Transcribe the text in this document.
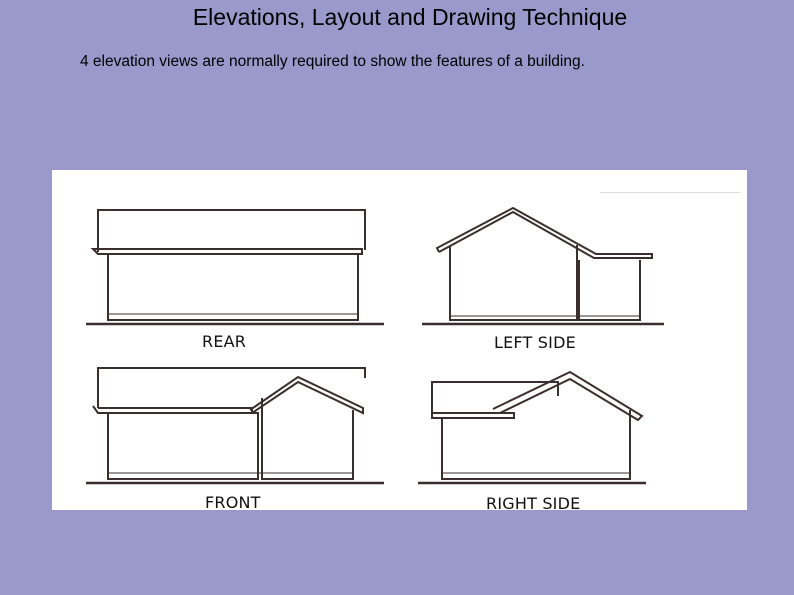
Elevations, Layout and Drawing Technique
4 elevation views are normally required to show the features of a building.
REAR	LEFT SIDE
FRONT	RIGHT SIDE
